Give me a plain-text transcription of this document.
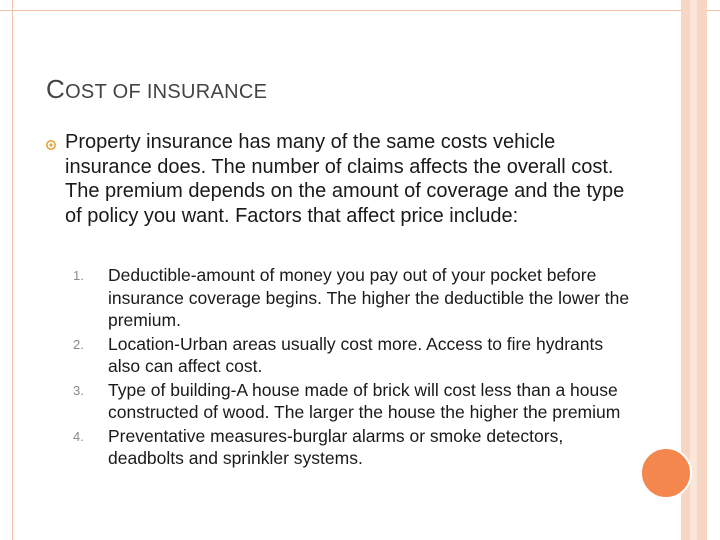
COST OF INSURANCE
Property insurance has many of the same costs vehicle insurance does. The number of claims affects the overall cost. The premium depends on the amount of coverage and the type of policy you want. Factors that affect price include:
1. Deductible-amount of money you pay out of your pocket before insurance coverage begins. The higher the deductible the lower the premium.
2. Location-Urban areas usually cost more. Access to fire hydrants also can affect cost.
3. Type of building-A house made of brick will cost less than a house constructed of wood. The larger the house the higher the premium
4. Preventative measures-burglar alarms or smoke detectors, deadbolts and sprinkler systems.
